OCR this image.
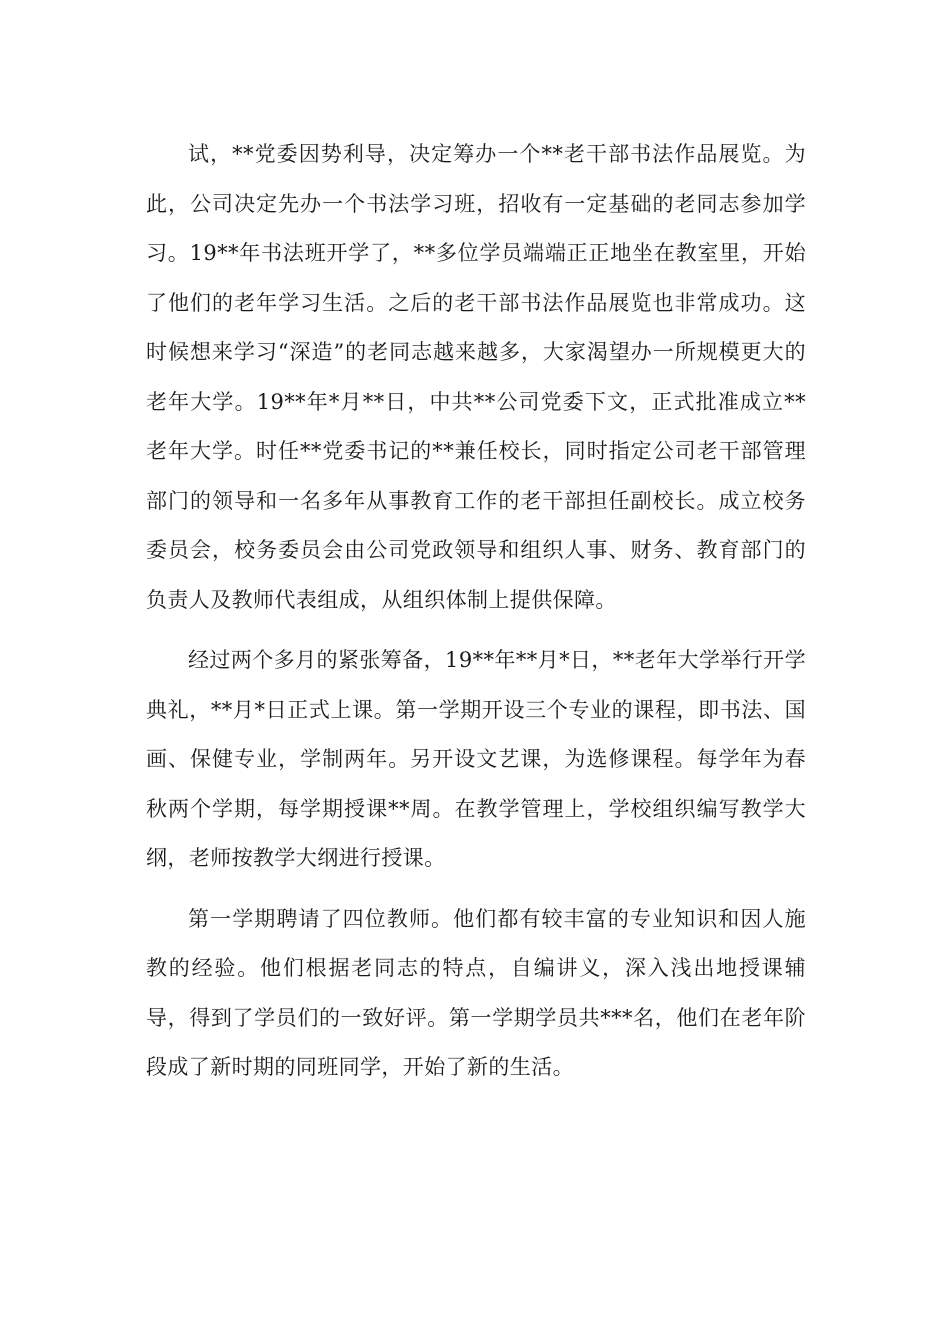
试，**党委因势利导，决定筹办一个**老干部书法作品展览。为此，公司决定先办一个书法学习班，招收有一定基础的老同志参加学习。19**年书法班开学了，**多位学员端端正正地坐在教室里，开始了他们的老年学习生活。之后的老干部书法作品展览也非常成功。这时候想来学习“深造”的老同志越来越多，大家渴望办一所规模更大的老年大学。19**年*月**日，中共**公司党委下文，正式批准成立**老年大学。时任**党委书记的**兼任校长，同时指定公司老干部管理部门的领导和一名多年从事教育工作的老干部担任副校长。成立校务委员会，校务委员会由公司党政领导和组织人事、财务、教育部门的负责人及教师代表组成，从组织体制上提供保障。

经过两个多月的紧张筹备，19**年**月*日，**老年大学举行开学典礼，**月*日正式上课。第一学期开设三个专业的课程，即书法、国画、保健专业，学制两年。另开设文艺课，为选修课程。每学年为春秋两个学期，每学期授课**周。在教学管理上，学校组织编写教学大纲，老师按教学大纲进行授课。

第一学期聘请了四位教师。他们都有较丰富的专业知识和因人施教的经验。他们根据老同志的特点，自编讲义，深入浅出地授课辅导，得到了学员们的一致好评。第一学期学员共***名，他们在老年阶段成了新时期的同班同学，开始了新的生活。
